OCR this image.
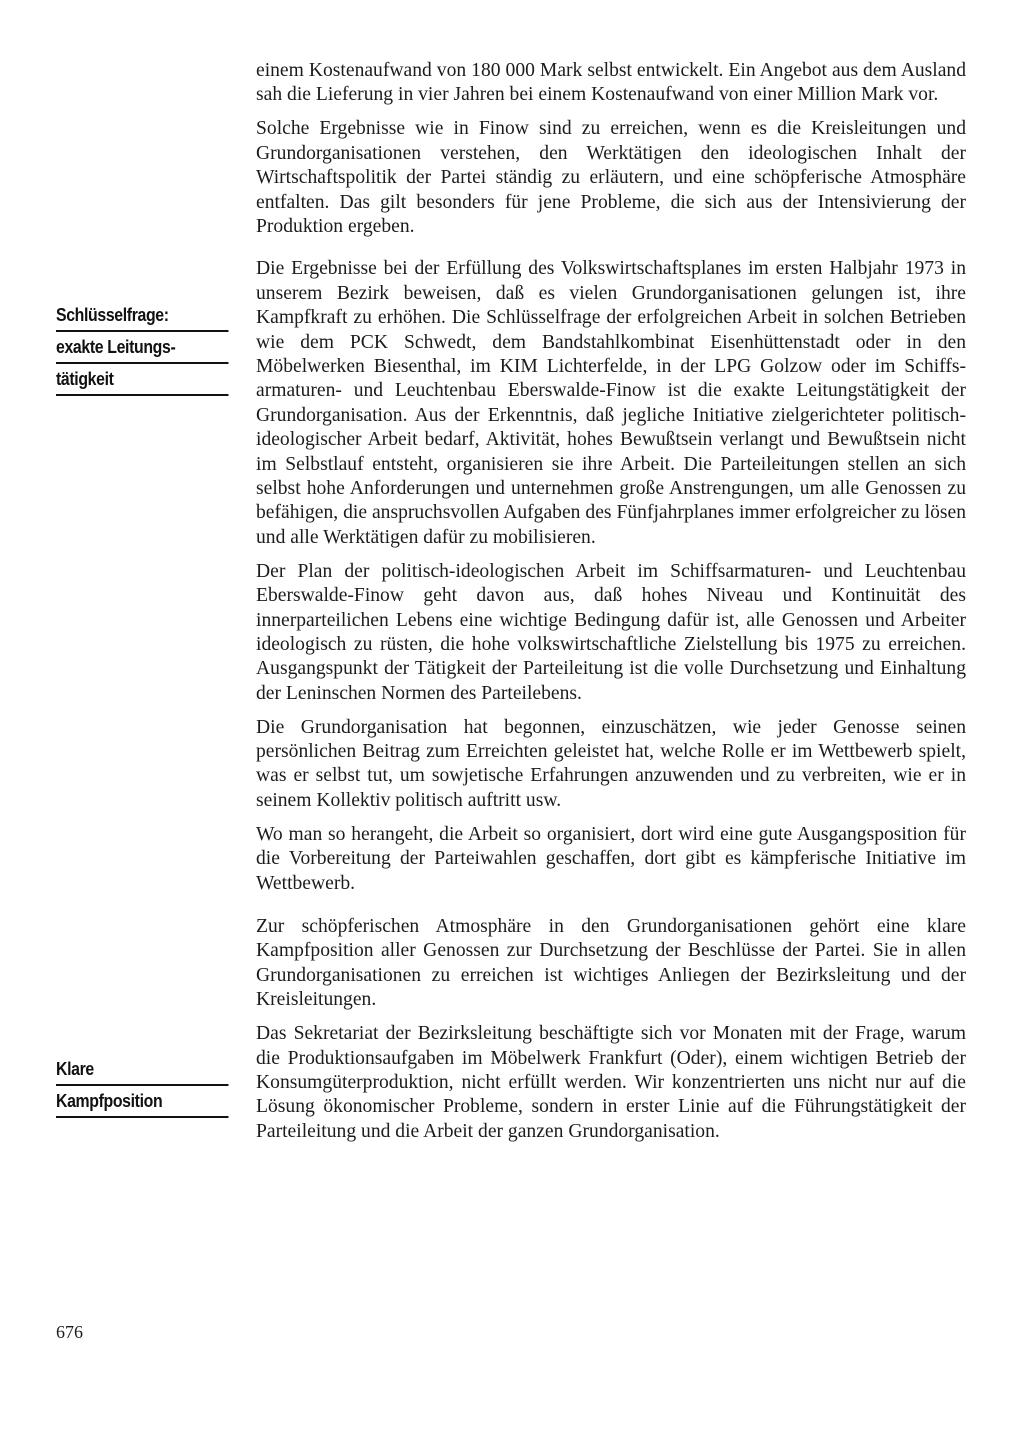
einem Kostenaufwand von 180 000 Mark selbst entwickelt. Ein Angebot aus dem Ausland sah die Lieferung in vier Jahren bei einem Kostenaufwand von einer Million Mark vor.

Solche Ergebnisse wie in Finow sind zu erreichen, wenn es die Kreisleitungen und Grundorganisationen verstehen, den Werktätigen den ideologischen Inhalt der Wirtschaftspolitik der Partei ständig zu erläutern, und eine schöpferische Atmosphäre entfalten. Das gilt besonders für jene Probleme, die sich aus der Intensivierung der Produktion ergeben.

Die Ergebnisse bei der Erfüllung des Volkswirtschaftsplanes im ersten Halbjahr 1973 in unserem Bezirk beweisen, daß es vielen Grundorganisationen gelungen ist, ihre Kampfkraft zu erhöhen. Die Schlüsselfrage der erfolgreichen Arbeit in solchen Betrieben wie dem PCK Schwedt, dem Bandstahlkombinat Eisenhüttenstadt oder in den Möbelwerken Biesenthal, im KIM Lichterfelde, in der LPG Golzow oder im Schiffsarmaturen- und Leuchtenbau Eberswalde-Finow ist die exakte Leitungstätigkeit der Grundorganisation. Aus der Erkenntnis, daß jegliche Initiative zielgerichteter politisch-ideologischer Arbeit bedarf, Aktivität, hohes Bewußtsein verlangt und Bewußtsein nicht im Selbstlauf entsteht, organisieren sie ihre Arbeit. Die Parteileitungen stellen an sich selbst hohe Anforderungen und unternehmen große Anstrengungen, um alle Genossen zu befähigen, die anspruchsvollen Aufgaben des Fünfjahrplanes immer erfolgreicher zu lösen und alle Werktätigen dafür zu mobilisieren.

Der Plan der politisch-ideologischen Arbeit im Schiffsarmaturen- und Leuchtenbau Eberswalde-Finow geht davon aus, daß hohes Niveau und Kontinuität des innerparteilichen Lebens eine wichtige Bedingung dafür ist, alle Genossen und Arbeiter ideologisch zu rüsten, die hohe volkswirtschaftliche Zielstellung bis 1975 zu erreichen. Ausgangspunkt der Tätigkeit der Parteileitung ist die volle Durchsetzung und Einhaltung der Leninschen Normen des Parteilebens.

Die Grundorganisation hat begonnen, einzuschätzen, wie jeder Genosse seinen persönlichen Beitrag zum Erreichten geleistet hat, welche Rolle er im Wettbewerb spielt, was er selbst tut, um sowjetische Erfahrungen anzuwenden und zu verbreiten, wie er in seinem Kollektiv politisch auftritt usw.

Wo man so herangeht, die Arbeit so organisiert, dort wird eine gute Ausgangsposition für die Vorbereitung der Parteiwahlen geschaffen, dort gibt es kämpferische Initiative im Wettbewerb.

Zur schöpferischen Atmosphäre in den Grundorganisationen gehört eine klare Kampfposition aller Genossen zur Durchsetzung der Beschlüsse der Partei. Sie in allen Grundorganisationen zu erreichen ist wichtiges Anliegen der Bezirksleitung und der Kreisleitungen.

Das Sekretariat der Bezirksleitung beschäftigte sich vor Monaten mit der Frage, warum die Produktionsaufgaben im Möbelwerk Frankfurt (Oder), einem wichtigen Betrieb der Konsumgüterproduktion, nicht erfüllt werden. Wir konzentrierten uns nicht nur auf die Lösung ökonomischer Probleme, sondern in erster Linie auf die Führungstätigkeit der Parteileitung und die Arbeit der ganzen Grundorganisation.

Schlüsselfrage:
exakte Leitungs-
tätigkeit
Klare
Kampfposition
676
